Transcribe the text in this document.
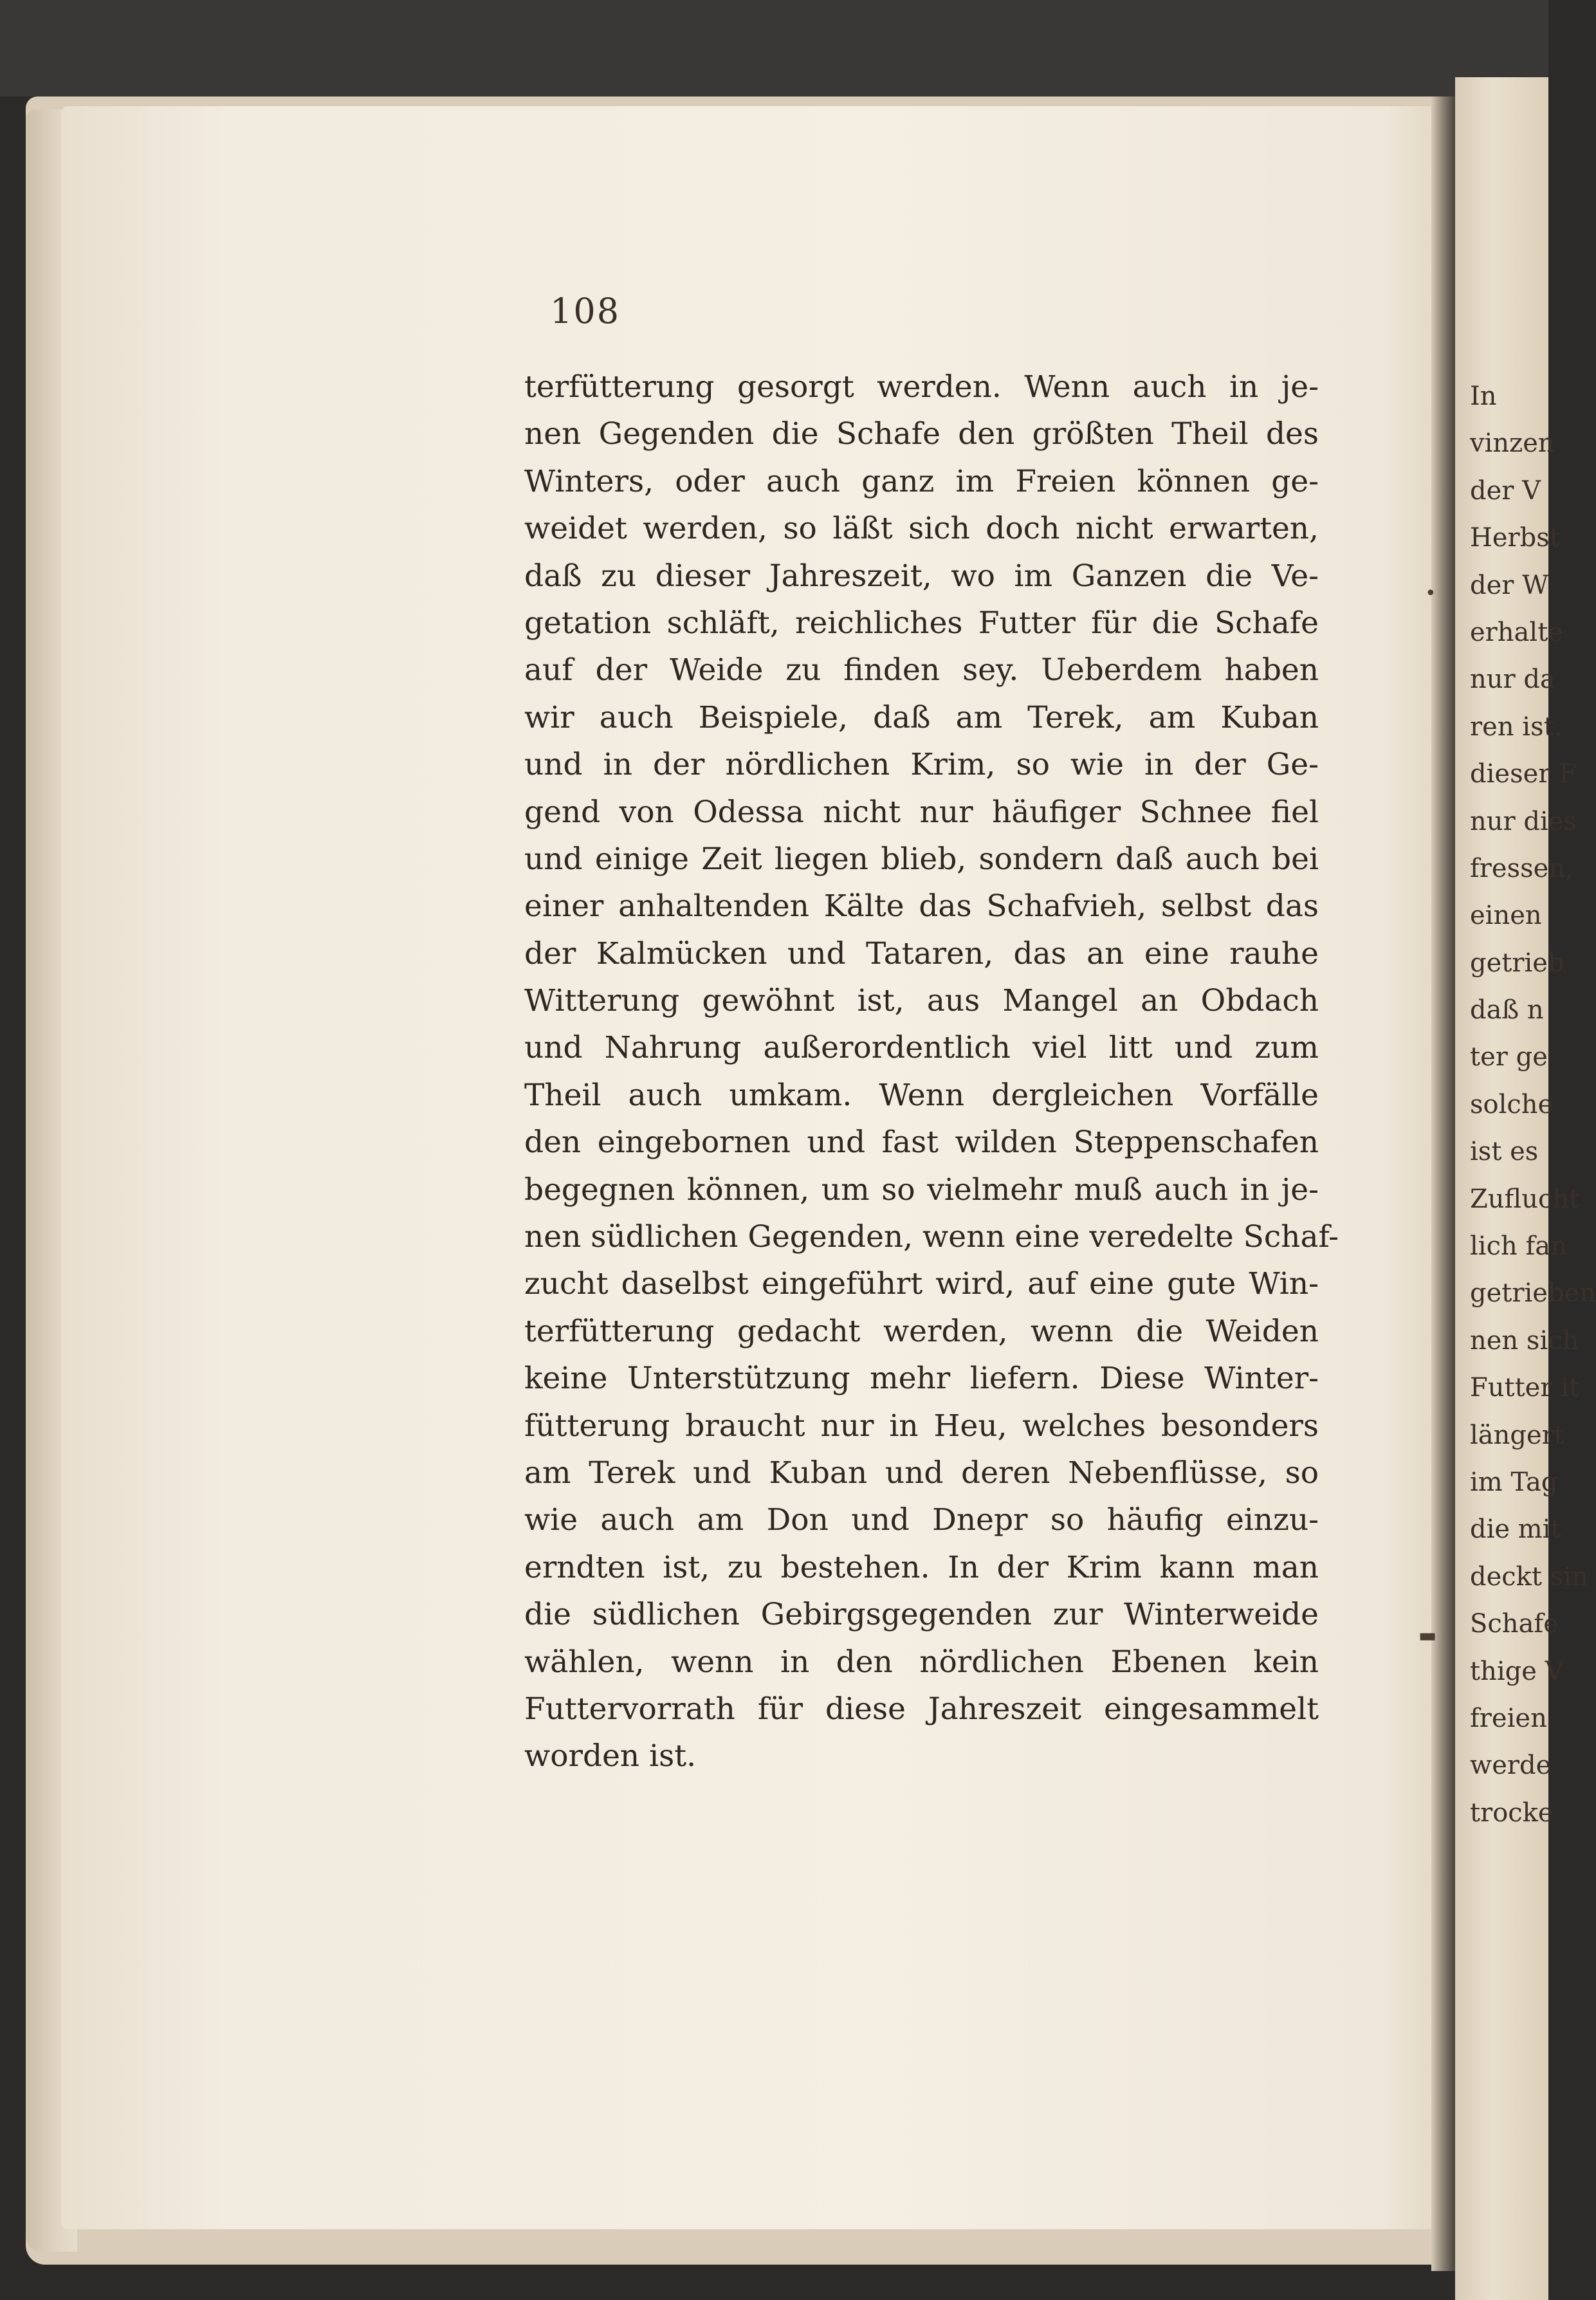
108
terfütterung gesorgt werden. Wenn auch in je-
nen Gegenden die Schafe den größten Theil des
Winters, oder auch ganz im Freien können ge-
weidet werden, so läßt sich doch nicht erwarten,
daß zu dieser Jahreszeit, wo im Ganzen die Ve-
getation schläft, reichliches Futter für die Schafe
auf der Weide zu finden sey. Ueberdem haben
wir auch Beispiele, daß am Terek, am Kuban
und in der nördlichen Krim, so wie in der Ge-
gend von Odessa nicht nur häufiger Schnee fiel
und einige Zeit liegen blieb, sondern daß auch bei
einer anhaltenden Kälte das Schafvieh, selbst das
der Kalmücken und Tataren, das an eine rauhe
Witterung gewöhnt ist, aus Mangel an Obdach
und Nahrung außerordentlich viel litt und zum
Theil auch umkam. Wenn dergleichen Vorfälle
den eingebornen und fast wilden Steppenschafen
begegnen können, um so vielmehr muß auch in je-
nen südlichen Gegenden, wenn eine veredelte Schaf-
zucht daselbst eingeführt wird, auf eine gute Win-
terfütterung gedacht werden, wenn die Weiden
keine Unterstützung mehr liefern. Diese Winter-
fütterung braucht nur in Heu, welches besonders
am Terek und Kuban und deren Nebenflüsse, so
wie auch am Don und Dnepr so häufig einzu-
erndten ist, zu bestehen. In der Krim kann man
die südlichen Gebirgsgegenden zur Winterweide
wählen, wenn in den nördlichen Ebenen kein
Futtervorrath für diese Jahreszeit eingesammelt
worden ist.
In
vinzen
der V
Herbst
der W
erhalte
nur da
ren ist.
dieser F
nur dies
fressen,
einen
getrieb
daß n
ter ge
solche
ist es
Zuflucht
lich fan
getrieben
nen sich
Futter it
längert
im Tag
die mit
deckt sin
Schafe
thige V
freien
werde
trocke
•
▬
